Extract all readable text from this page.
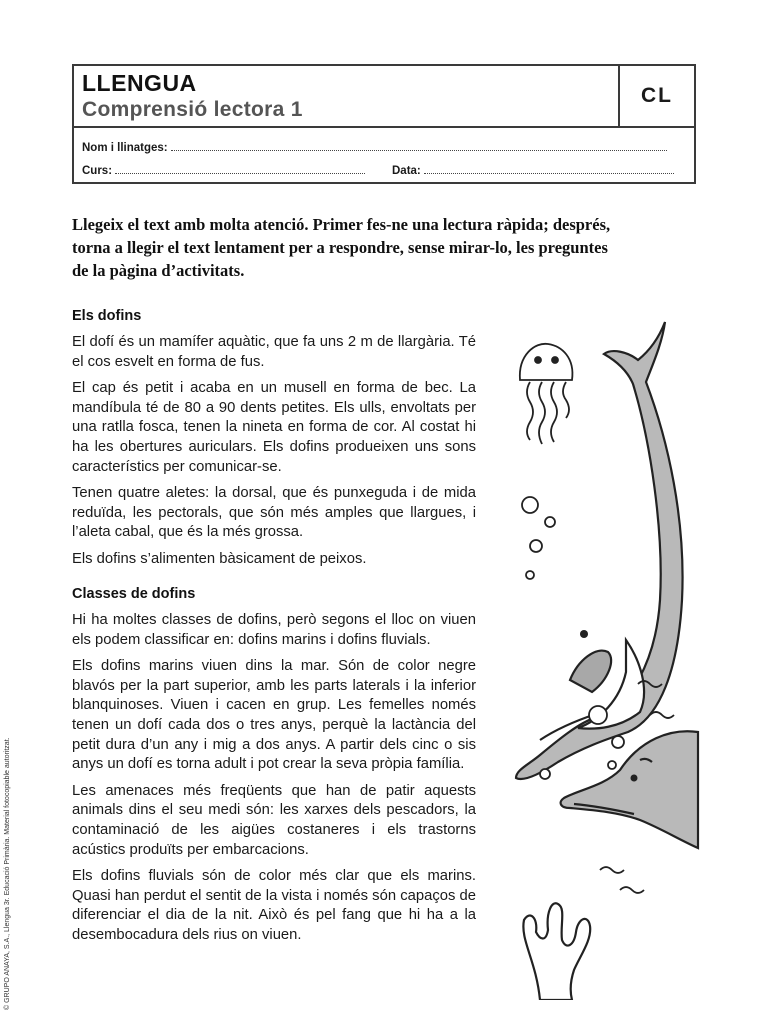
LLENGUA
Comprensió lectora 1
CL
Nom i llinatges:
Curs:	Data:
Llegeix el text amb molta atenció. Primer fes-ne una lectura ràpida; després, torna a llegir el text lentament per a respondre, sense mirar-lo, les preguntes de la pàgina d’activitats.
Els dofins

El dofí és un mamífer aquàtic, que fa uns 2 m de llargària. Té el cos esvelt en forma de fus.

El cap és petit i acaba en un musell en forma de bec. La mandíbula té de 80 a 90 dents petites. Els ulls, envoltats per una ratlla fosca, tenen la nineta en forma de cor. Al costat hi ha les obertures auriculars. Els dofins produeixen uns sons característics per comunicar-se.

Tenen quatre aletes: la dorsal, que és punxeguda i de mida reduïda, les pectorals, que són més amples que llargues, i l’aleta cabal, que és la més grossa.

Els dofins s’alimenten bàsicament de peixos.

Classes de dofins

Hi ha moltes classes de dofins, però segons el lloc on viuen els podem classificar en: dofins marins i dofins fluvials.

Els dofins marins viuen dins la mar. Són de color negre blavós per la part superior, amb les parts laterals i la inferior blanquinoses. Viuen i cacen en grup. Les femelles només tenen un dofí cada dos o tres anys, perquè la lactància del petit dura d’un any i mig a dos anys. A partir dels cinc o sis anys un dofí es torna adult i pot crear la seva pròpia família.

Les amenaces més freqüents que han de patir aquests animals dins el seu medi són: les xarxes dels pescadors, la contaminació de les aigües costaneres i els trastorns acústics produïts per embarcacions.

Els dofins fluvials són de color més clar que els marins. Quasi han perdut el sentit de la vista i només són capaços de diferenciar el dia de la nit. Això és pel fang que hi ha a la desembocadura dels rius on viuen.

© GRUPO ANAYA, S.A., Llengua 3r. Educació Primària. Material fotocopiable autoritzat.
